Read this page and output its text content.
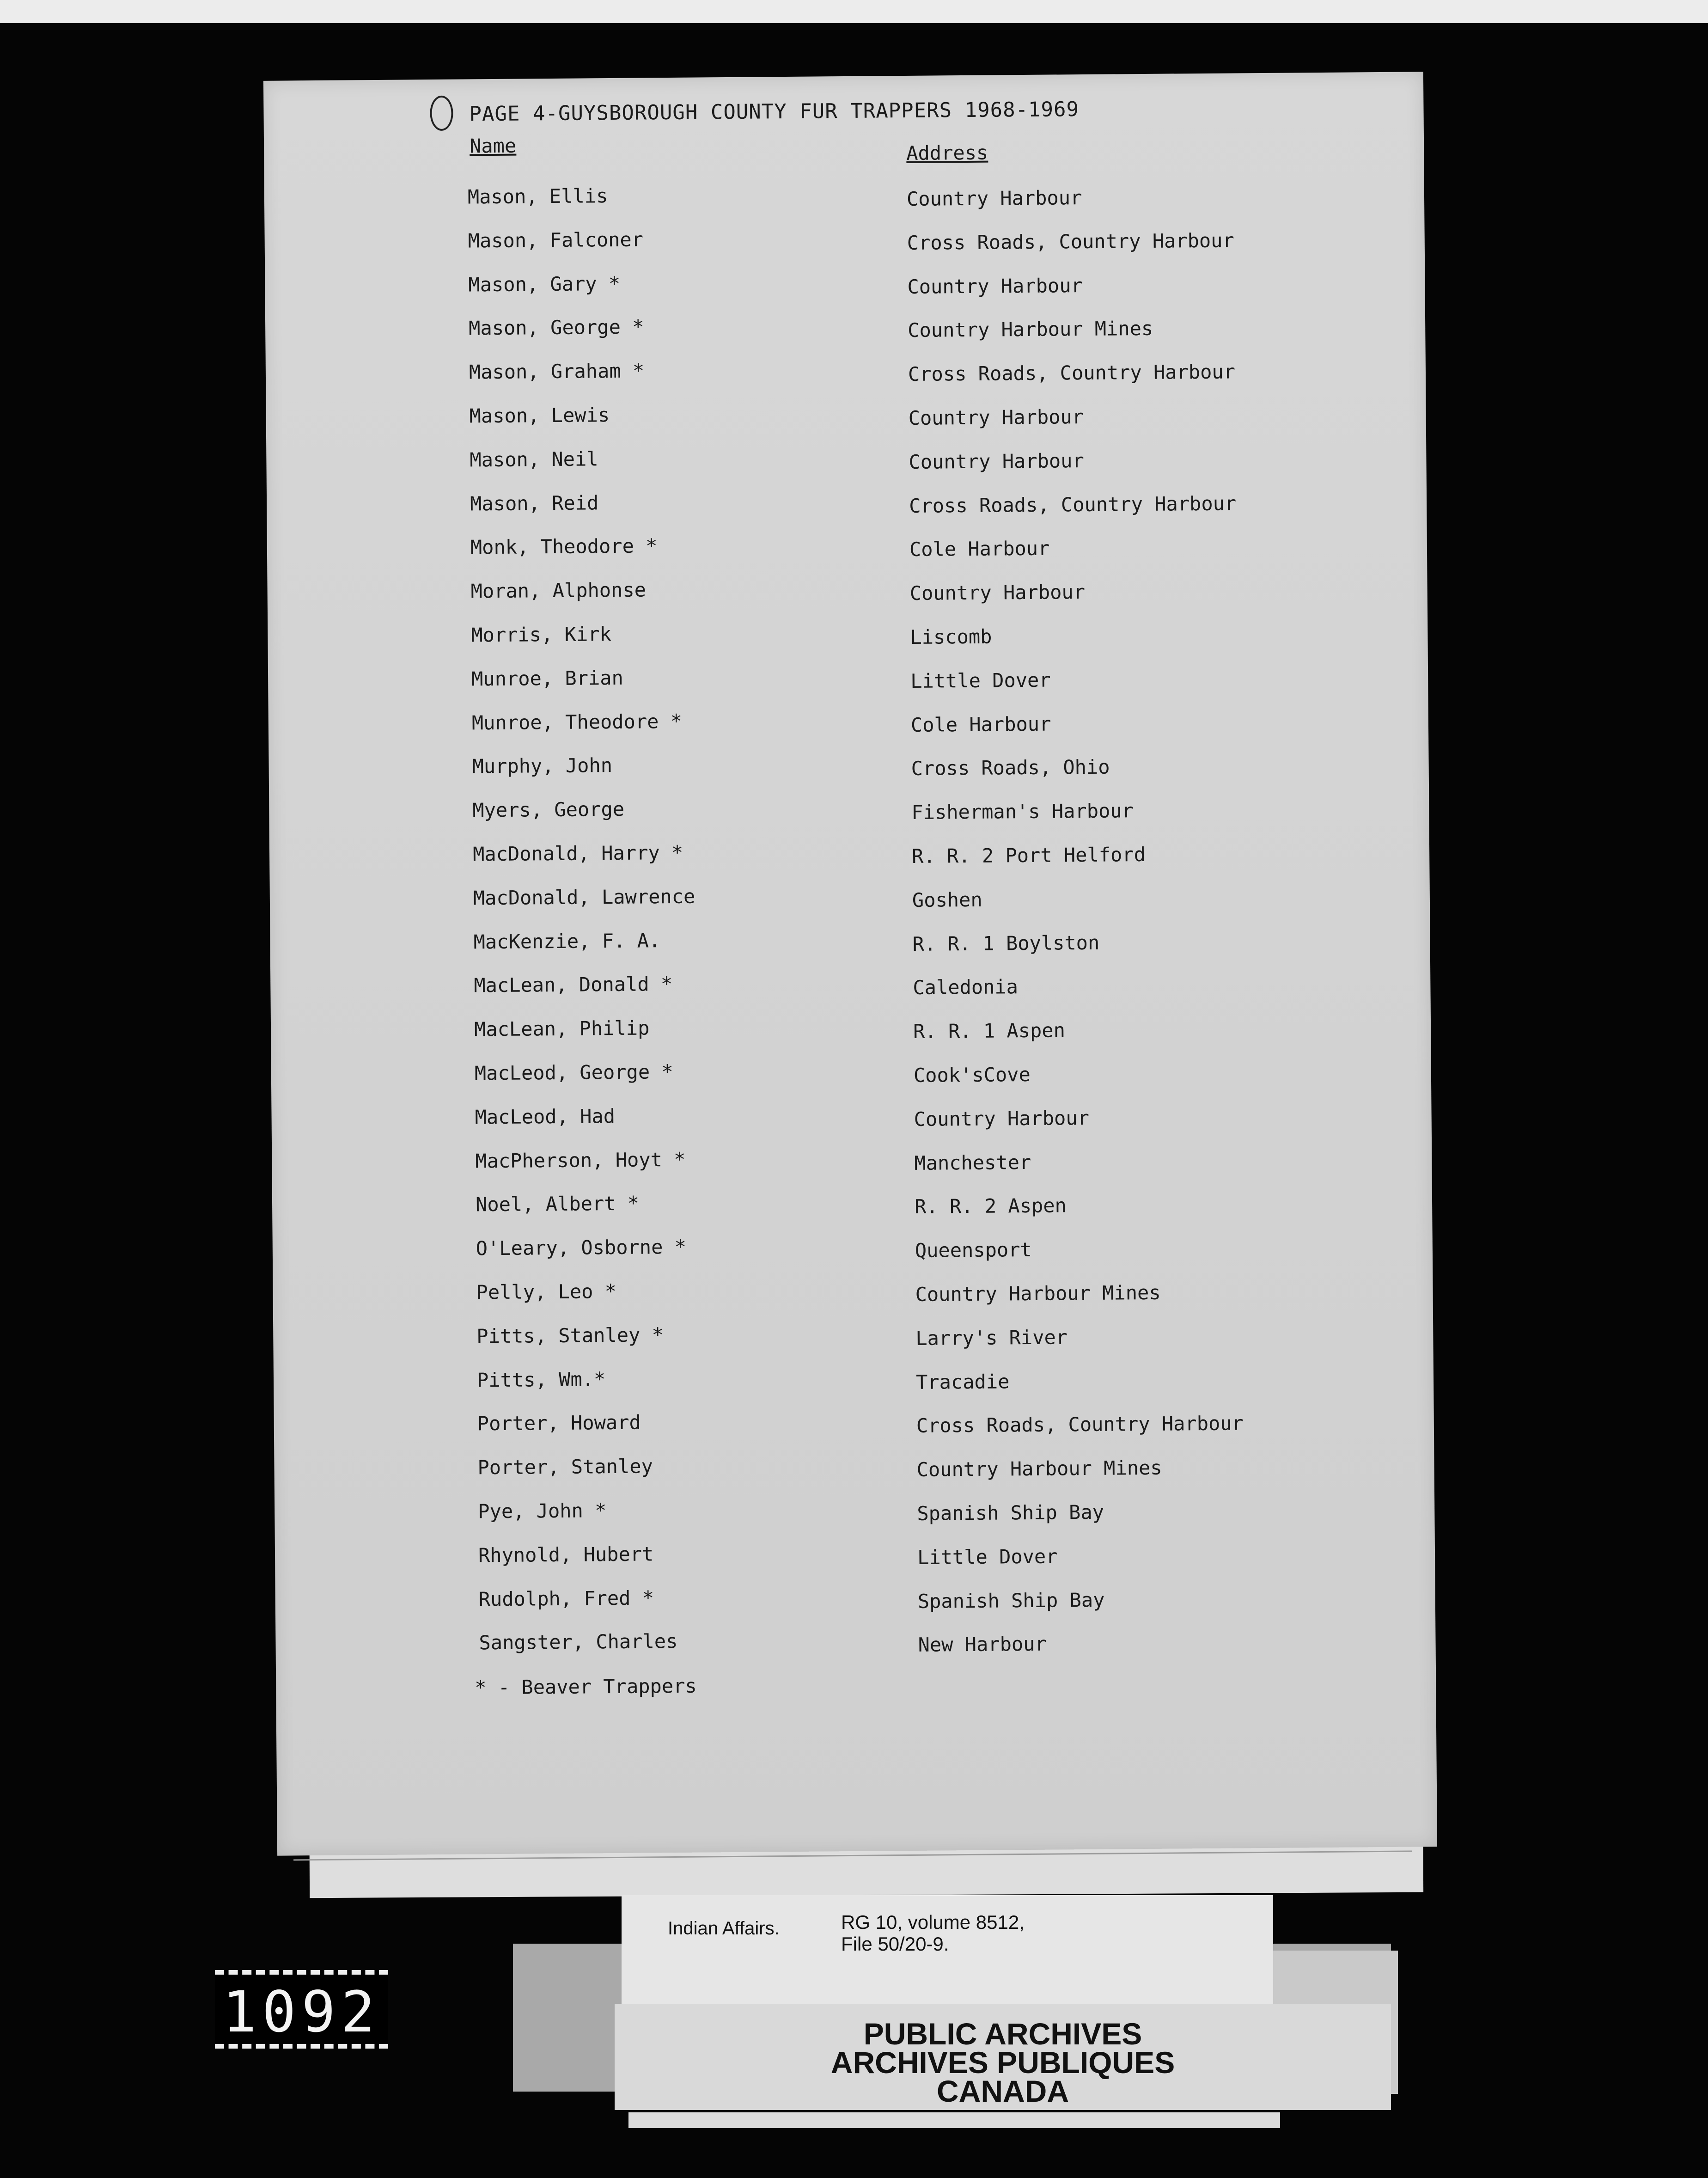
PAGE 4-GUYSBOROUGH COUNTY FUR TRAPPERS 1968-1969
Name	Address
Mason, Ellis	Country Harbour
Mason, Falconer	Cross Roads, Country Harbour
Mason, Gary *	Country Harbour
Mason, George *	Country Harbour Mines
Mason, Graham *	Cross Roads, Country Harbour
Mason, Lewis	Country Harbour
Mason, Neil	Country Harbour
Mason, Reid	Cross Roads, Country Harbour
Monk, Theodore *	Cole Harbour
Moran, Alphonse	Country Harbour
Morris, Kirk	Liscomb
Munroe, Brian	Little Dover
Munroe, Theodore *	Cole Harbour
Murphy, John	Cross Roads, Ohio
Myers, George	Fisherman's Harbour
MacDonald, Harry *	R. R. 2 Port Helford
MacDonald, Lawrence	Goshen
MacKenzie, F. A.	R. R. 1 Boylston
MacLean, Donald *	Caledonia
MacLean, Philip	R. R. 1 Aspen
MacLeod, George *	Cook'sCove
MacLeod, Had	Country Harbour
MacPherson, Hoyt *	Manchester
Noel, Albert *	R. R. 2 Aspen
O'Leary, Osborne *	Queensport
Pelly, Leo *	Country Harbour Mines
Pitts, Stanley *	Larry's River
Pitts, Wm.*	Tracadie
Porter, Howard	Cross Roads, Country Harbour
Porter, Stanley	Country Harbour Mines
Pye, John *	Spanish Ship Bay
Rhynold, Hubert	Little Dover
Rudolph, Fred *	Spanish Ship Bay
Sangster, Charles	New Harbour
* - Beaver Trappers
Indian Affairs.	RG 10, volume 8512,
File 50/20-9.
PUBLIC ARCHIVES
ARCHIVES PUBLIQUES
CANADA
1092
